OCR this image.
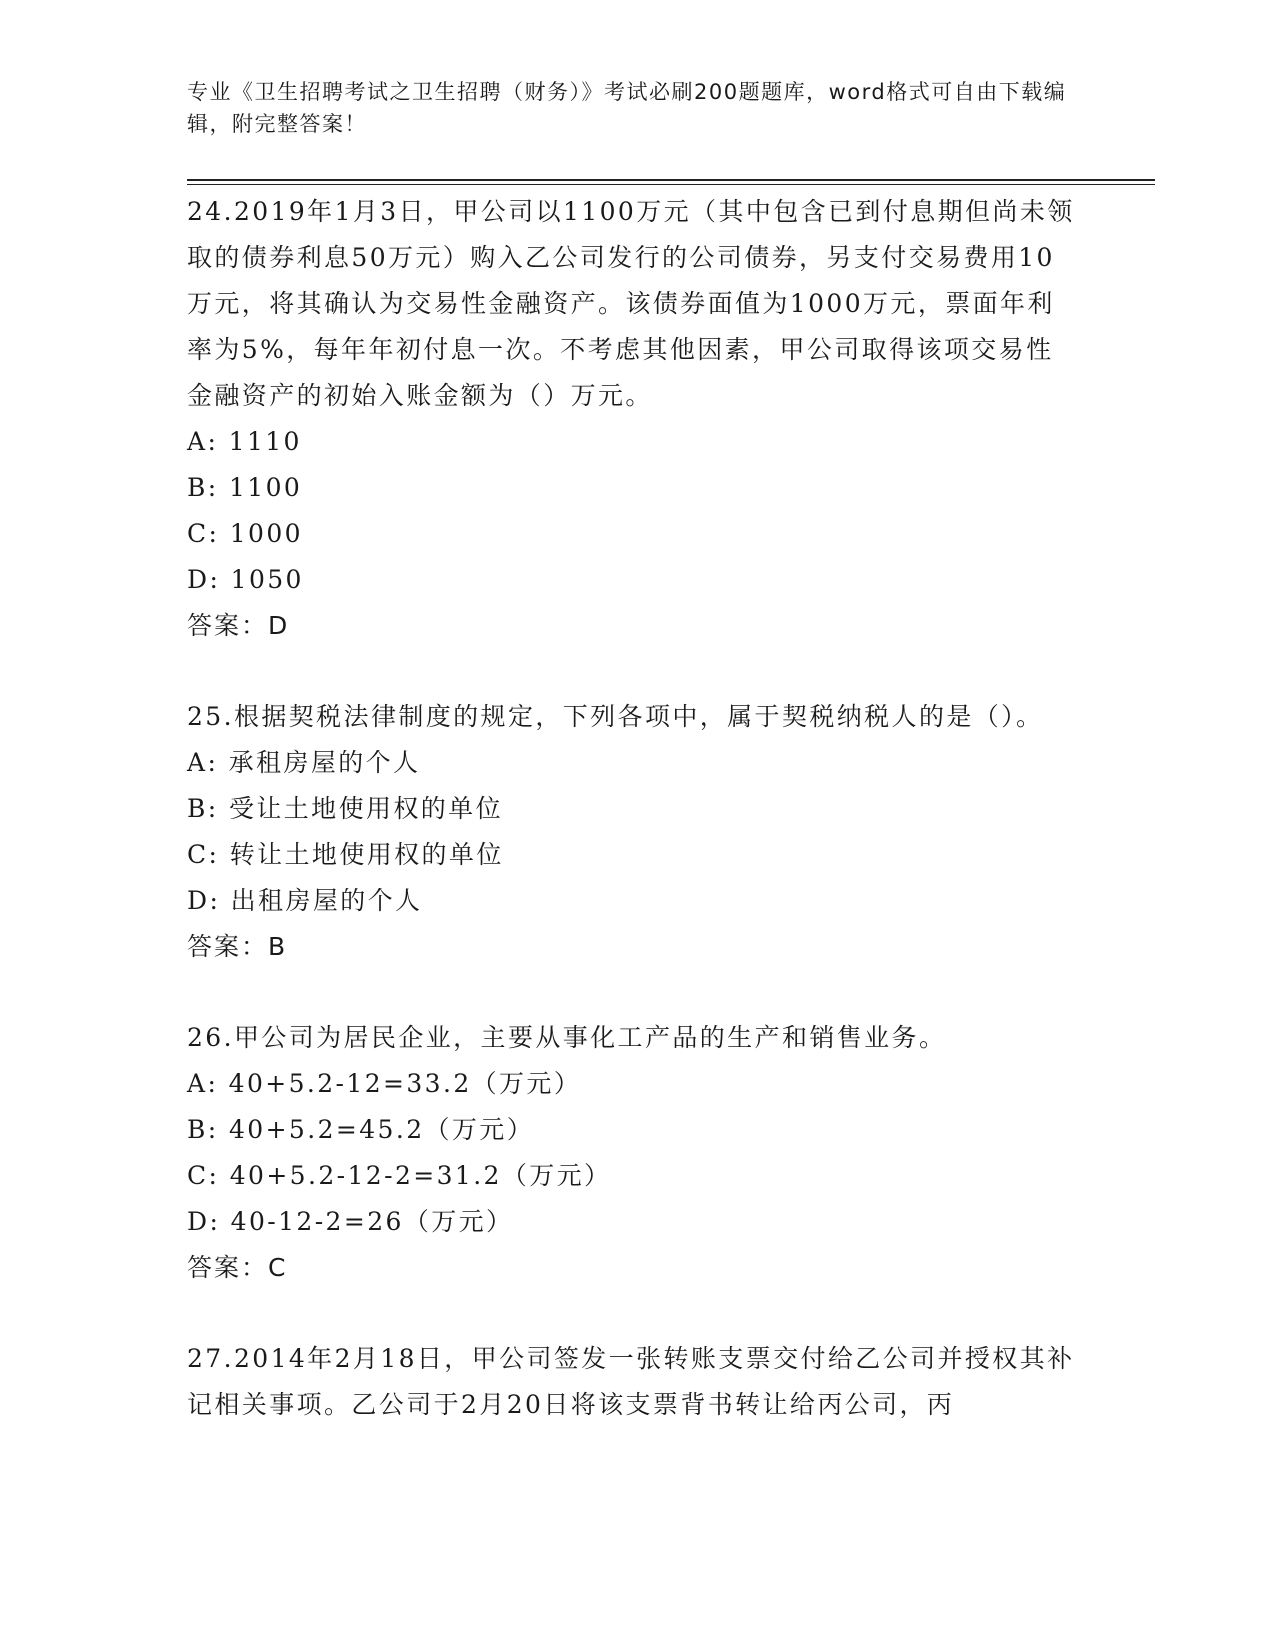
专业《卫生招聘考试之卫生招聘（财务）》考试必刷200题题库，word格式可自由下载编辑，附完整答案！
24.2019年1月3日，甲公司以1100万元（其中包含已到付息期但尚未领取的债券利息50万元）购入乙公司发行的公司债券，另支付交易费用10万元，将其确认为交易性金融资产。该债券面值为1000万元，票面年利率为5%，每年年初付息一次。不考虑其他因素，甲公司取得该项交易性金融资产的初始入账金额为（）万元。
A: 1110
B: 1100
C: 1000
D: 1050
答案：D
25.根据契税法律制度的规定，下列各项中，属于契税纳税人的是（）。
A: 承租房屋的个人
B: 受让土地使用权的单位
C: 转让土地使用权的单位
D: 出租房屋的个人
答案：B
26.甲公司为居民企业，主要从事化工产品的生产和销售业务。
A: 40+5.2-12=33.2（万元）
B: 40+5.2=45.2（万元）
C: 40+5.2-12-2=31.2（万元）
D: 40-12-2=26（万元）
答案：C
27.2014年2月18日，甲公司签发一张转账支票交付给乙公司并授权其补记相关事项。乙公司于2月20日将该支票背书转让给丙公司，丙
